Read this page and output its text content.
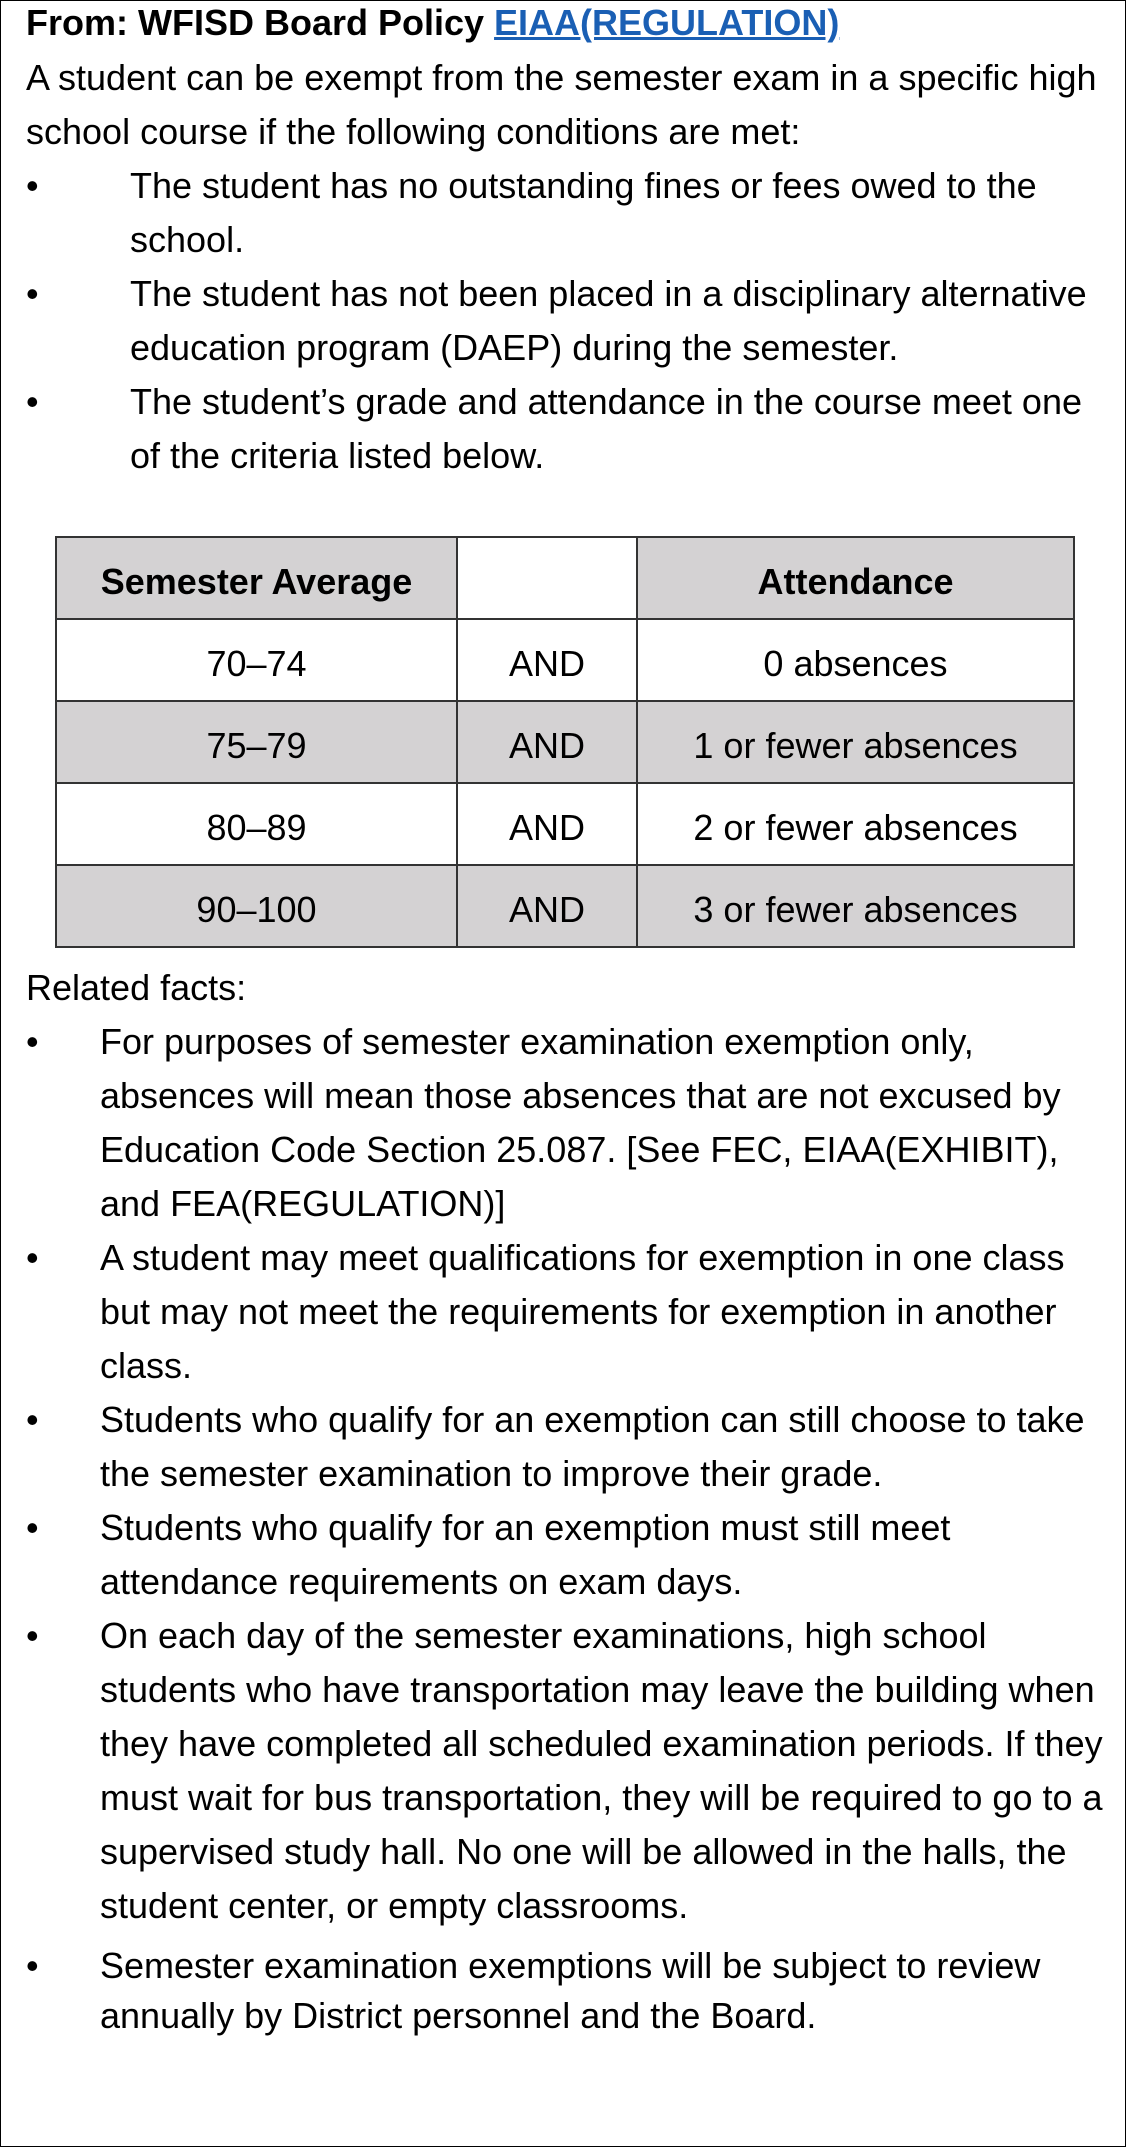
From: WFISD Board Policy EIAA(REGULATION)

A student can be exempt from the semester exam in a specific high school course if the following conditions are met:

•	The student has no outstanding fines or fees owed to the school.
•	The student has not been placed in a disciplinary alternative education program (DAEP) during the semester.
•	The student’s grade and attendance in the course meet one of the criteria listed below.
Semester Average		Attendance
70–74	AND	0 absences
75–79	AND	1 or fewer absences
80–89	AND	2 or fewer absences
90–100	AND	3 or fewer absences

Related facts:

•	For purposes of semester examination exemption only, absences will mean those absences that are not excused by Education Code Section 25.087. [See FEC, EIAA(EXHIBIT), and FEA(REGULATION)]
•	A student may meet qualifications for exemption in one class but may not meet the requirements for exemption in another class.
•	Students who qualify for an exemption can still choose to take the semester examination to improve their grade.
•	Students who qualify for an exemption must still meet attendance requirements on exam days.
•	On each day of the semester examinations, high school students who have transportation may leave the building when they have completed all scheduled examination periods. If they must wait for bus transportation, they will be required to go to a supervised study hall. No one will be allowed in the halls, the student center, or empty classrooms.
•	Semester examination exemptions will be subject to review annually by District personnel and the Board.
